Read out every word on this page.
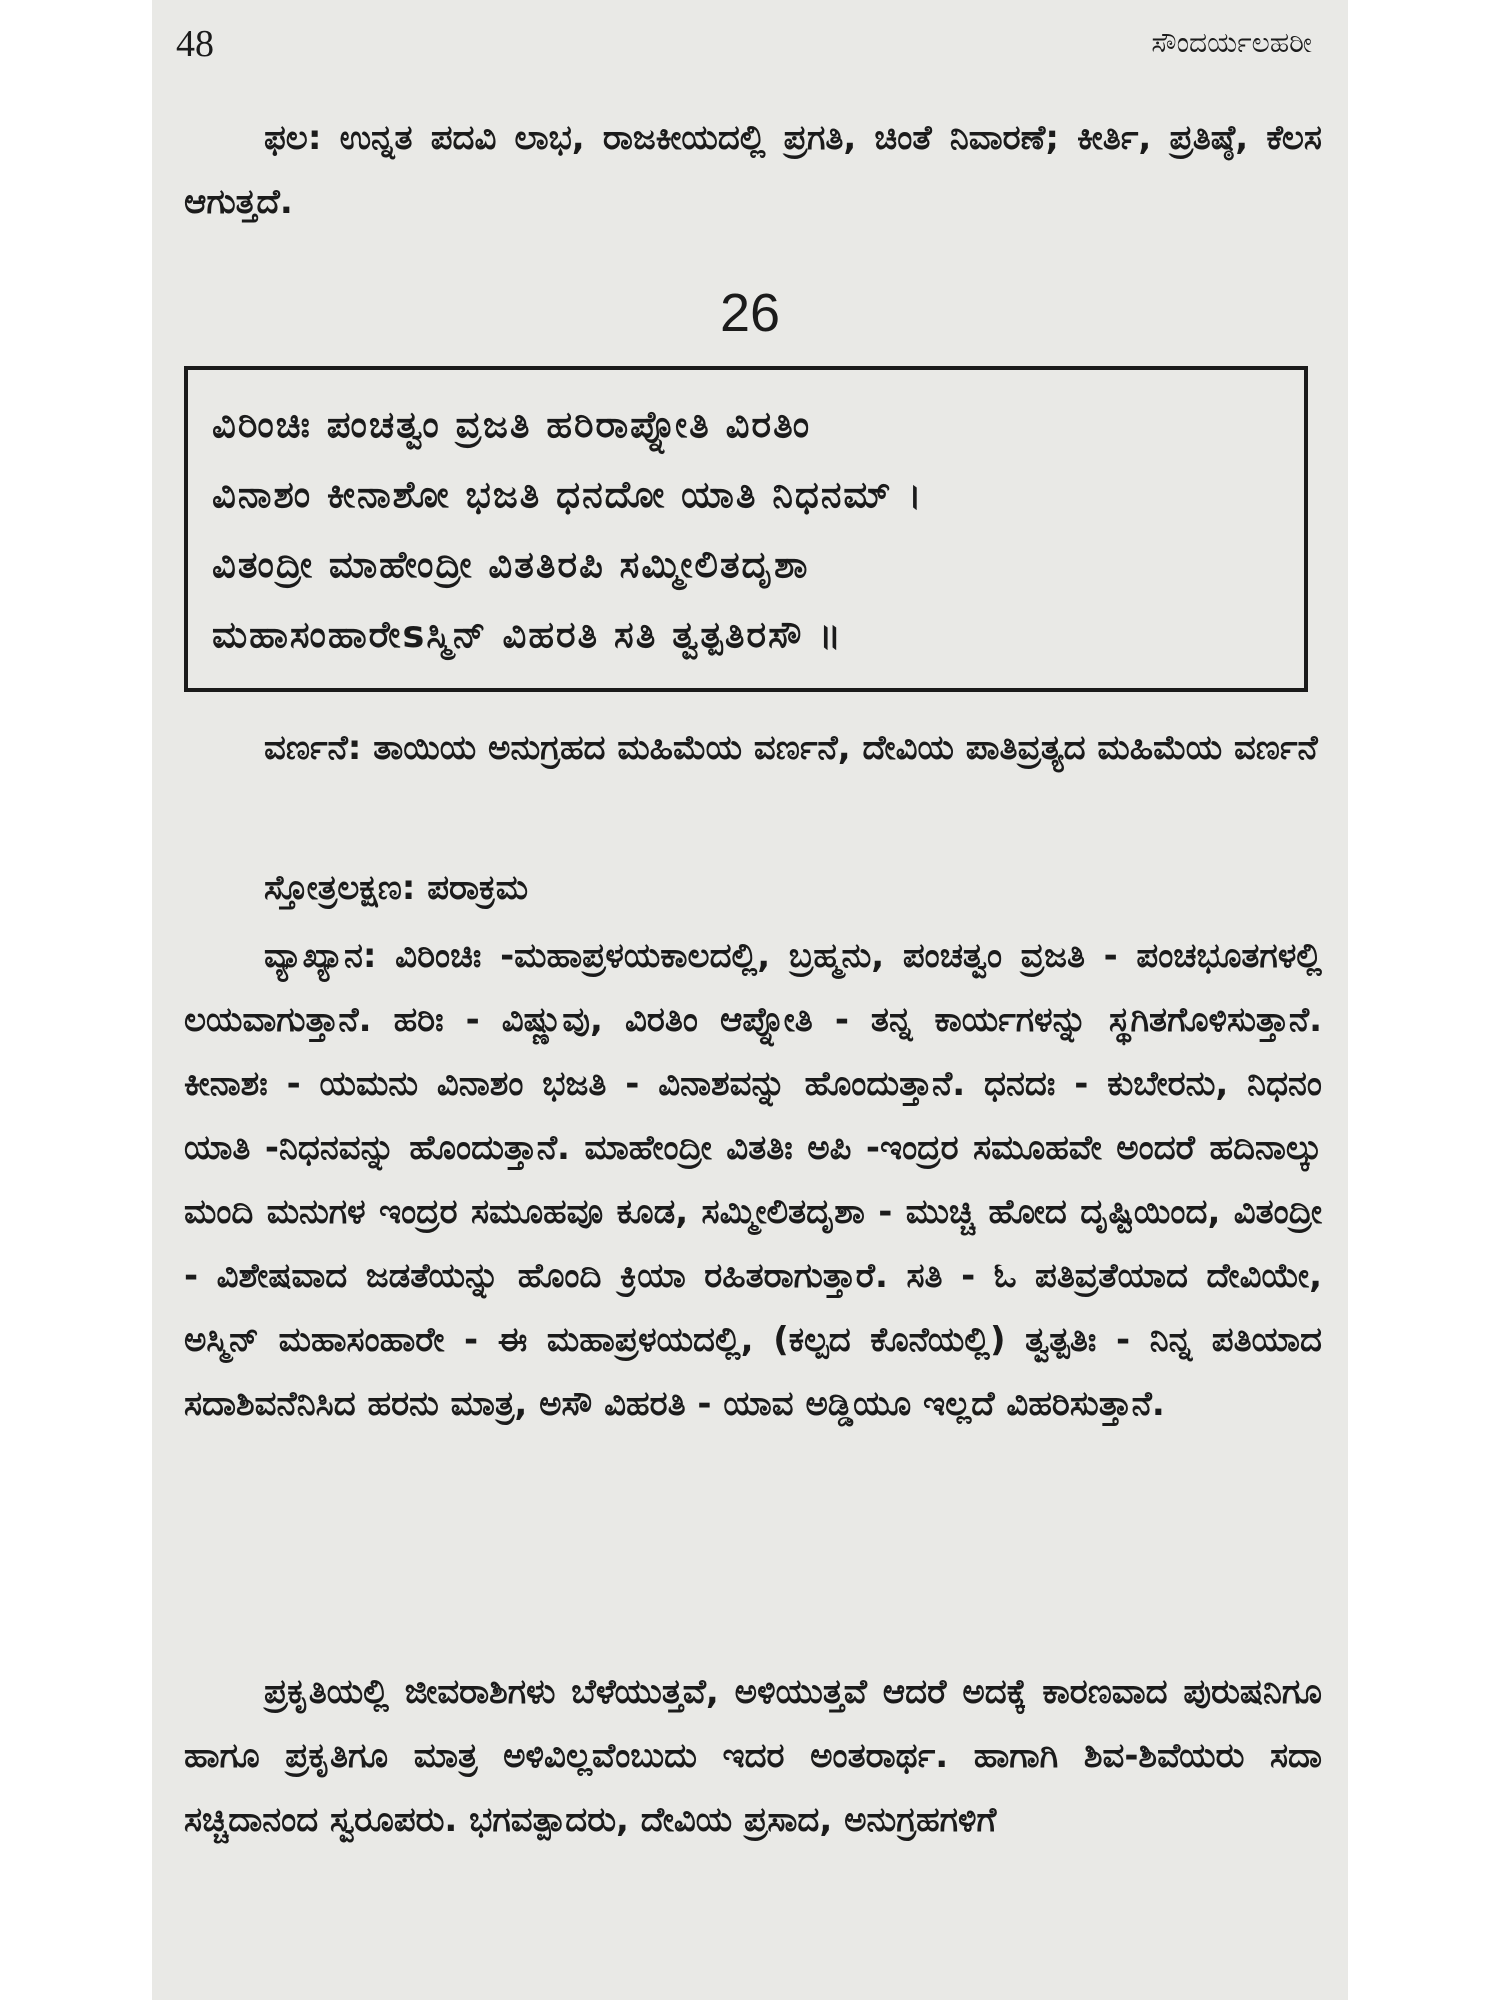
48	ಸೌಂದರ್ಯಲಹರೀ

ಫಲ: ಉನ್ನತ ಪದವಿ ಲಾಭ, ರಾಜಕೀಯದಲ್ಲಿ ಪ್ರಗತಿ, ಚಿಂತೆ ನಿವಾರಣೆ; ಕೀರ್ತಿ, ಪ್ರತಿಷ್ಠೆ, ಕೆಲಸ ಆಗುತ್ತದೆ.

26
ವಿರಿಂಚಿಃ ಪಂಚತ್ವಂ ವ್ರಜತಿ ಹರಿರಾಪ್ನೋತಿ ವಿರತಿಂ
ವಿನಾಶಂ ಕೀನಾಶೋ ಭಜತಿ ಧನದೋ ಯಾತಿ ನಿಧನಮ್ ।
ವಿತಂದ್ರೀ ಮಾಹೇಂದ್ರೀ ವಿತತಿರಪಿ ಸಮ್ಮೀಲಿತದೃಶಾ
ಮಹಾಸಂಹಾರೇsಸ್ಮಿನ್ ವಿಹರತಿ ಸತಿ ತ್ವತ್ಪತಿರಸೌ ॥

ವರ್ಣನೆ: ತಾಯಿಯ ಅನುಗ್ರಹದ ಮಹಿಮೆಯ ವರ್ಣನೆ, ದೇವಿಯ ಪಾತಿವ್ರತ್ಯದ ಮಹಿಮೆಯ ವರ್ಣನೆ

ಸ್ತೋತ್ರಲಕ್ಷಣ: ಪರಾಕ್ರಮ

ವ್ಯಾಖ್ಯಾನ: ವಿರಿಂಚಿಃ -ಮಹಾಪ್ರಳಯಕಾಲದಲ್ಲಿ, ಬ್ರಹ್ಮನು, ಪಂಚತ್ವಂ ವ್ರಜತಿ - ಪಂಚಭೂತಗಳಲ್ಲಿ ಲಯವಾಗುತ್ತಾನೆ. ಹರಿಃ - ವಿಷ್ಣುವು, ವಿರತಿಂ ಆಪ್ನೋತಿ - ತನ್ನ ಕಾರ್ಯಗಳನ್ನು ಸ್ಥಗಿತಗೊಳಿಸುತ್ತಾನೆ. ಕೀನಾಶಃ - ಯಮನು ವಿನಾಶಂ ಭಜತಿ - ವಿನಾಶವನ್ನು ಹೊಂದುತ್ತಾನೆ. ಧನದಃ - ಕುಬೇರನು, ನಿಧನಂ ಯಾತಿ -ನಿಧನವನ್ನು ಹೊಂದುತ್ತಾನೆ. ಮಾಹೇಂದ್ರೀ ವಿತತಿಃ ಅಪಿ -ಇಂದ್ರರ ಸಮೂಹವೇ ಅಂದರೆ ಹದಿನಾಲ್ಕು ಮಂದಿ ಮನುಗಳ ಇಂದ್ರರ ಸಮೂಹವೂ ಕೂಡ, ಸಮ್ಮೀಲಿತದೃಶಾ - ಮುಚ್ಚಿ ಹೋದ ದೃಷ್ಟಿಯಿಂದ, ವಿತಂದ್ರೀ - ವಿಶೇಷವಾದ ಜಡತೆಯನ್ನು ಹೊಂದಿ ಕ್ರಿಯಾ ರಹಿತರಾಗುತ್ತಾರೆ. ಸತಿ - ಓ ಪತಿವ್ರತೆಯಾದ ದೇವಿಯೇ, ಅಸ್ಮಿನ್ ಮಹಾಸಂಹಾರೇ - ಈ ಮಹಾಪ್ರಳಯದಲ್ಲಿ, (ಕಲ್ಪದ ಕೊನೆಯಲ್ಲಿ) ತ್ವತ್ಪತಿಃ - ನಿನ್ನ ಪತಿಯಾದ ಸದಾಶಿವನೆನಿಸಿದ ಹರನು ಮಾತ್ರ, ಅಸೌ ವಿಹರತಿ - ಯಾವ ಅಡ್ಡಿಯೂ ಇಲ್ಲದೆ ವಿಹರಿಸುತ್ತಾನೆ.

ಪ್ರಕೃತಿಯಲ್ಲಿ ಜೀವರಾಶಿಗಳು ಬೆಳೆಯುತ್ತವೆ, ಅಳಿಯುತ್ತವೆ ಆದರೆ ಅದಕ್ಕೆ ಕಾರಣವಾದ ಪುರುಷನಿಗೂ ಹಾಗೂ ಪ್ರಕೃತಿಗೂ ಮಾತ್ರ ಅಳಿವಿಲ್ಲವೆಂಬುದು ಇದರ ಅಂತರಾರ್ಥ. ಹಾಗಾಗಿ ಶಿವ-ಶಿವೆಯರು ಸದಾ ಸಚ್ಚಿದಾನಂದ ಸ್ವರೂಪರು. ಭಗವತ್ಪಾದರು, ದೇವಿಯ ಪ್ರಸಾದ, ಅನುಗ್ರಹಗಳಿಗೆ
